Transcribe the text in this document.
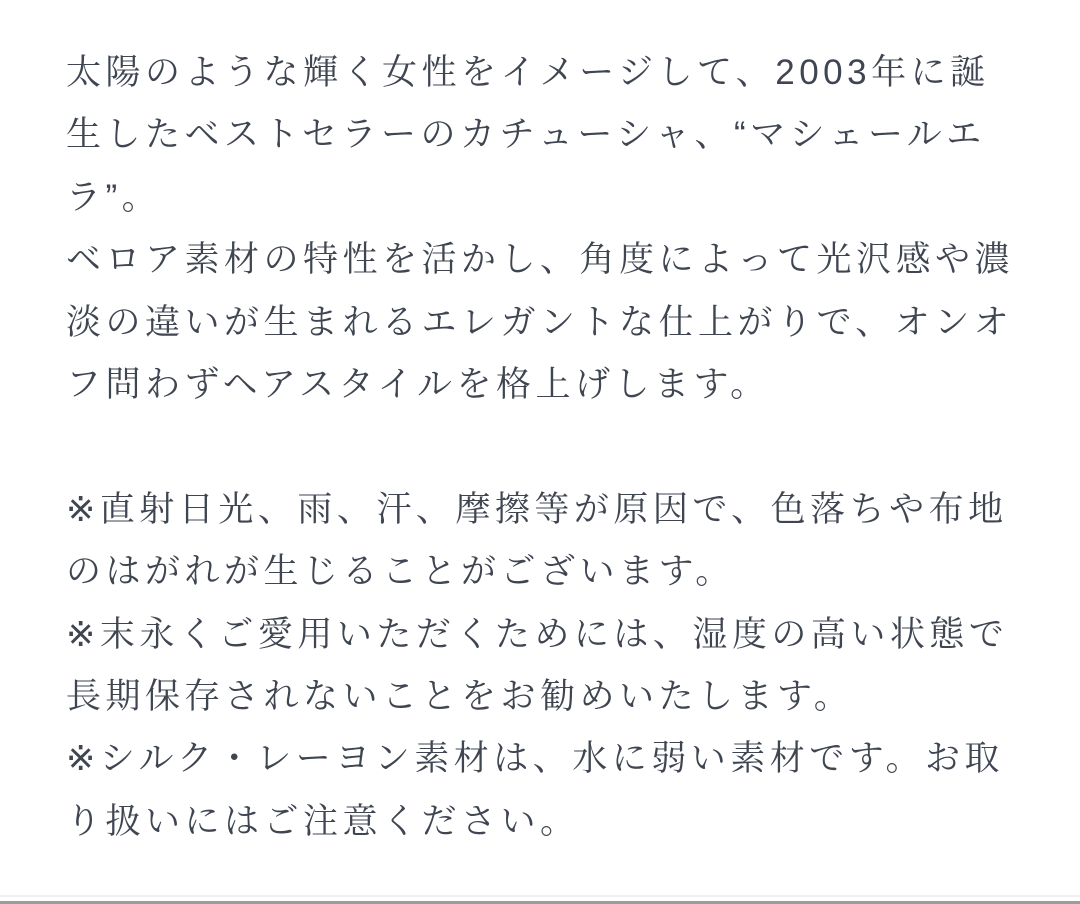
太陽のような輝く女性をイメージして、2003年に誕生したベストセラーのカチューシャ、“マシェールエラ”。

ベロア素材の特性を活かし、角度によって光沢感や濃淡の違いが生まれるエレガントな仕上がりで、オンオフ問わずヘアスタイルを格上げします。

※直射日光、雨、汗、摩擦等が原因で、色落ちや布地のはがれが生じることがございます。

※末永くご愛用いただくためには、湿度の高い状態で長期保存されないことをお勧めいたします。

※シルク・レーヨン素材は、水に弱い素材です。お取り扱いにはご注意ください。
